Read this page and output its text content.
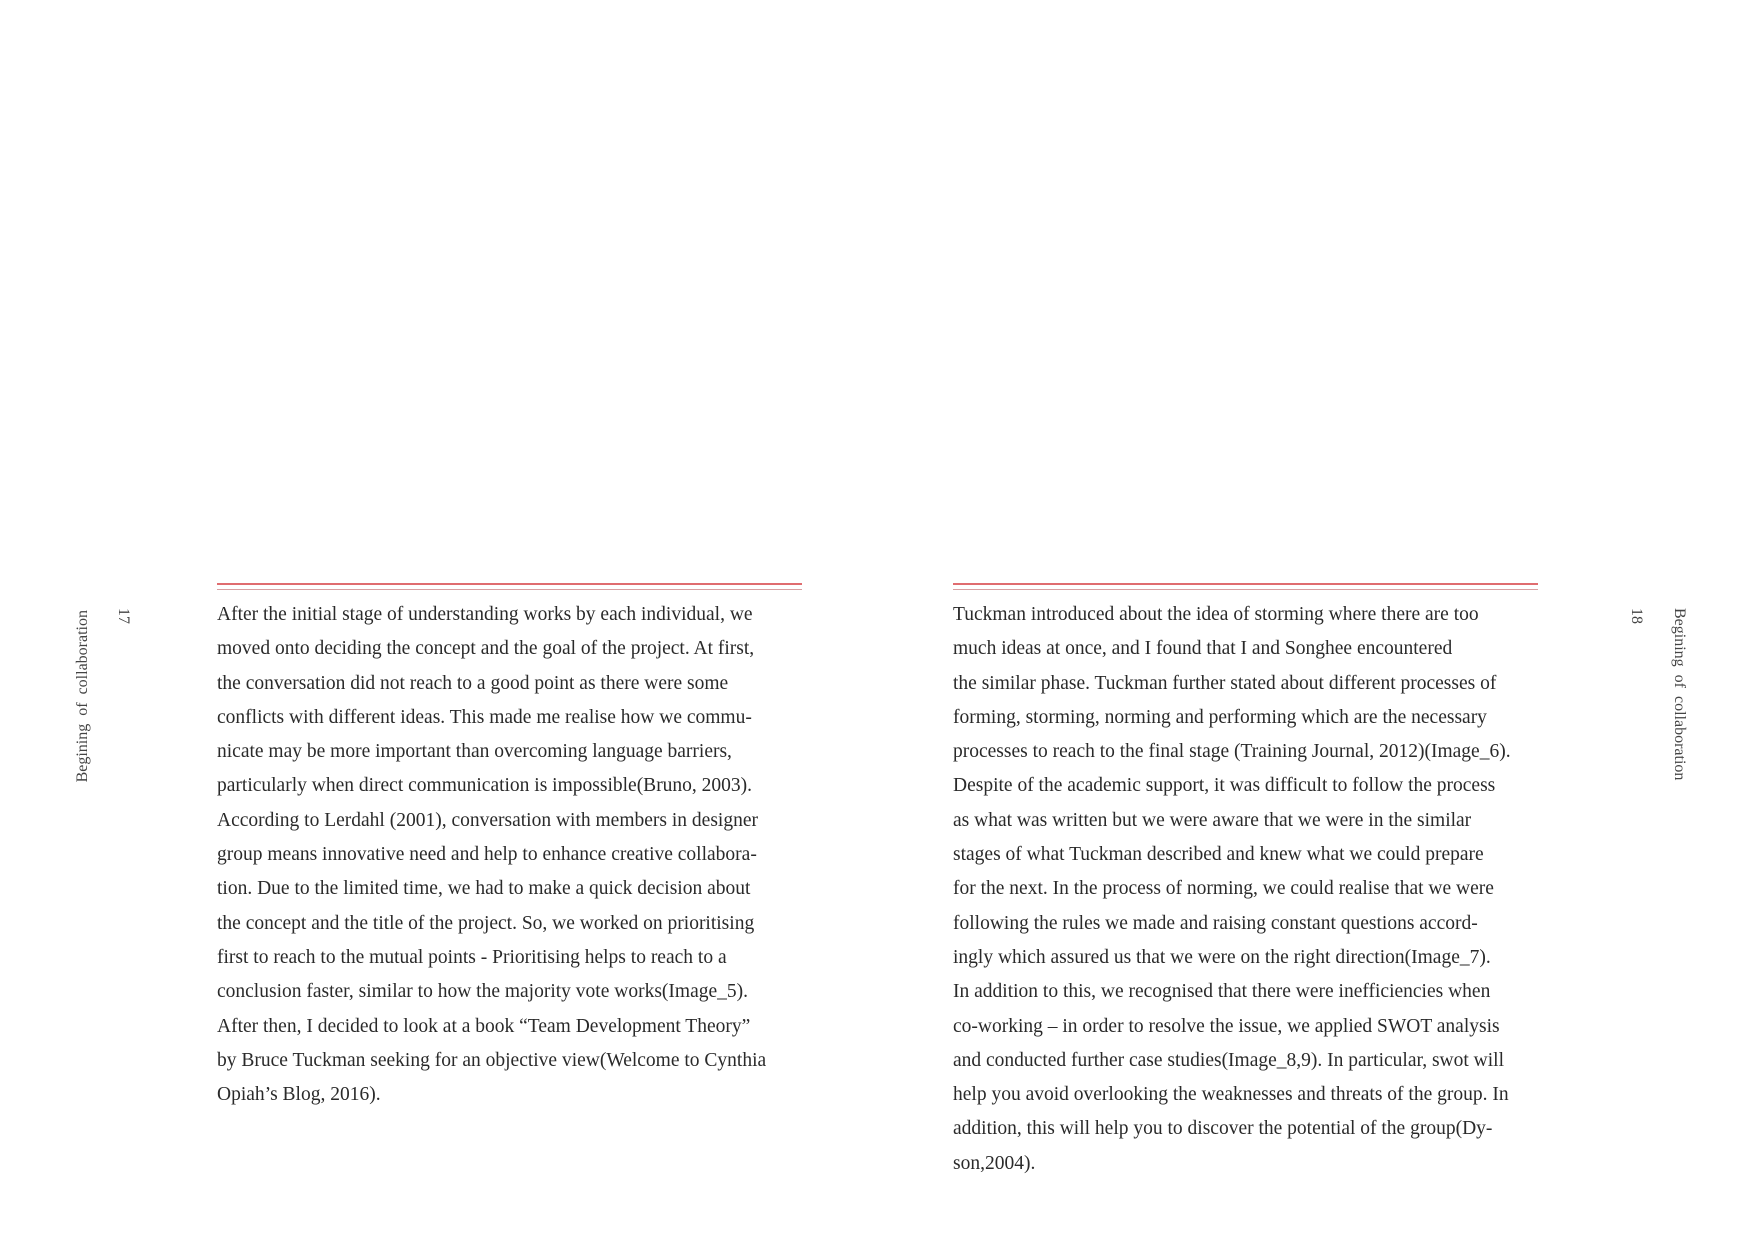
Begining of collaboration 17	After the initial stage of understanding works by each individual, we
moved onto deciding the concept and the goal of the project. At first,
the conversation did not reach to a good point as there were some
conflicts with different ideas. This made me realise how we commu-
nicate may be more important than overcoming language barriers,
particularly when direct communication is impossible(Bruno, 2003).
According to Lerdahl (2001), conversation with members in designer
group means innovative need and help to enhance creative collabora-
tion. Due to the limited time, we had to make a quick decision about
the concept and the title of the project. So, we worked on prioritising
first to reach to the mutual points - Prioritising helps to reach to a
conclusion faster, similar to how the majority vote works(Image_5).
After then, I decided to look at a book “Team Development Theory”
by Bruce Tuckman seeking for an objective view(Welcome to Cynthia
Opiah’s Blog, 2016).
Tuckman introduced about the idea of storming where there are too
much ideas at once, and I found that I and Songhee encountered
the similar phase. Tuckman further stated about different processes of
forming, storming, norming and performing which are the necessary
processes to reach to the final stage (Training Journal, 2012)(Image_6).
Despite of the academic support, it was difficult to follow the process
as what was written but we were aware that we were in the similar
stages of what Tuckman described and knew what we could prepare
for the next. In the process of norming, we could realise that we were
following the rules we made and raising constant questions accord-
ingly which assured us that we were on the right direction(Image_7).
In addition to this, we recognised that there were inefficiencies when
co-working – in order to resolve the issue, we applied SWOT analysis
and conducted further case studies(Image_8,9). In particular, swot will
help you avoid overlooking the weaknesses and threats of the group. In
addition, this will help you to discover the potential of the group(Dy-
son,2004).
18 Begining of collaboration
